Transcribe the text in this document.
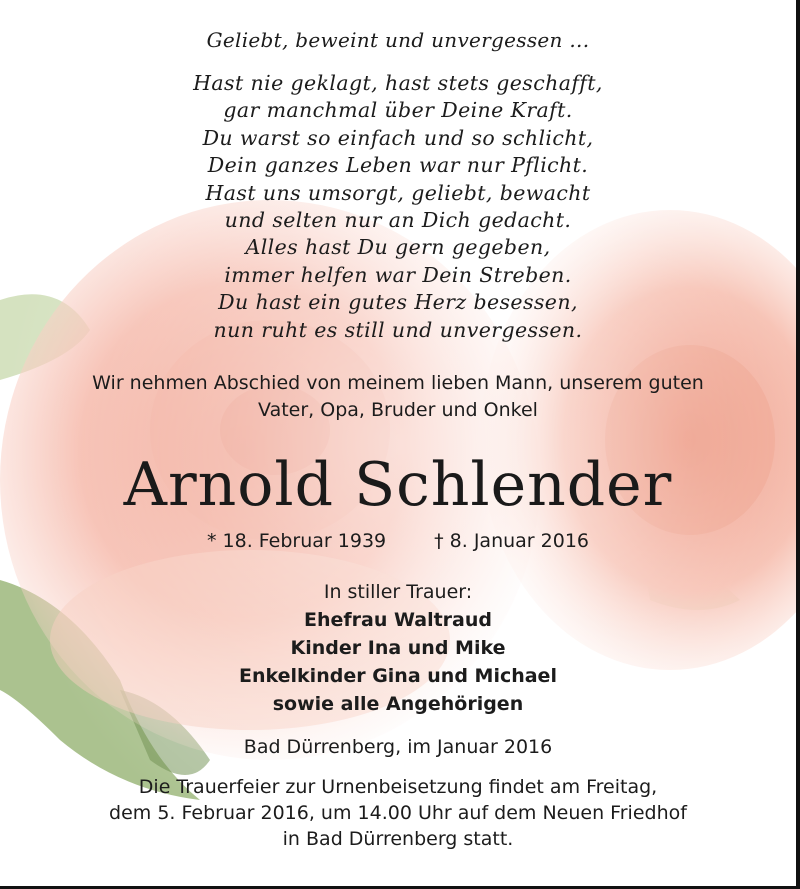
Geliebt, beweint und unvergessen ...
Hast nie geklagt, hast stets geschafft,
gar manchmal über Deine Kraft.
Du warst so einfach und so schlicht,
Dein ganzes Leben war nur Pflicht.
Hast uns umsorgt, geliebt, bewacht
und selten nur an Dich gedacht.
Alles hast Du gern gegeben,
immer helfen war Dein Streben.
Du hast ein gutes Herz besessen,
nun ruht es still und unvergessen.
Wir nehmen Abschied von meinem lieben Mann, unserem guten
Vater, Opa, Bruder und Onkel
Arnold Schlender
* 18. Februar 1939	† 8. Januar 2016
In stiller Trauer:
Ehefrau Waltraud
Kinder Ina und Mike
Enkelkinder Gina und Michael
sowie alle Angehörigen
Bad Dürrenberg, im Januar 2016
Die Trauerfeier zur Urnenbeisetzung findet am Freitag,
dem 5. Februar 2016, um 14.00 Uhr auf dem Neuen Friedhof
in Bad Dürrenberg statt.
